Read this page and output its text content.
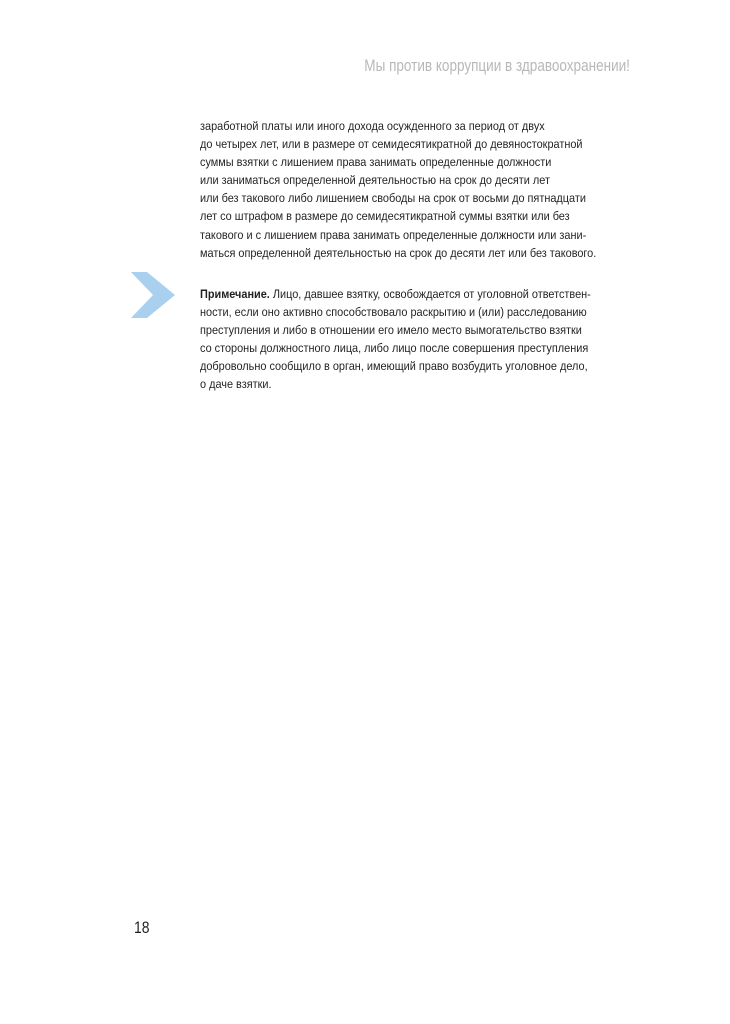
Мы против коррупции в здравоохранении!
заработной платы или иного дохода осужденного за период от двух
до четырех лет, или в размере от семидесятикратной до девяностократной
суммы взятки с лишением права занимать определенные должности
или заниматься определенной деятельностью на срок до десяти лет
или без такового либо лишением свободы на срок от восьми до пятнадцати
лет со штрафом в размере до семидесятикратной суммы взятки или без
такового и с лишением права занимать определенные должности или зани-
маться определенной деятельностью на срок до десяти лет или без такового.
Примечание. Лицо, давшее взятку, освобождается от уголовной ответствен-
ности, если оно активно способствовало раскрытию и (или) расследованию
преступления и либо в отношении его имело место вымогательство взятки
со стороны должностного лица, либо лицо после совершения преступления
добровольно сообщило в орган, имеющий право возбудить уголовное дело,
о даче взятки.
18
